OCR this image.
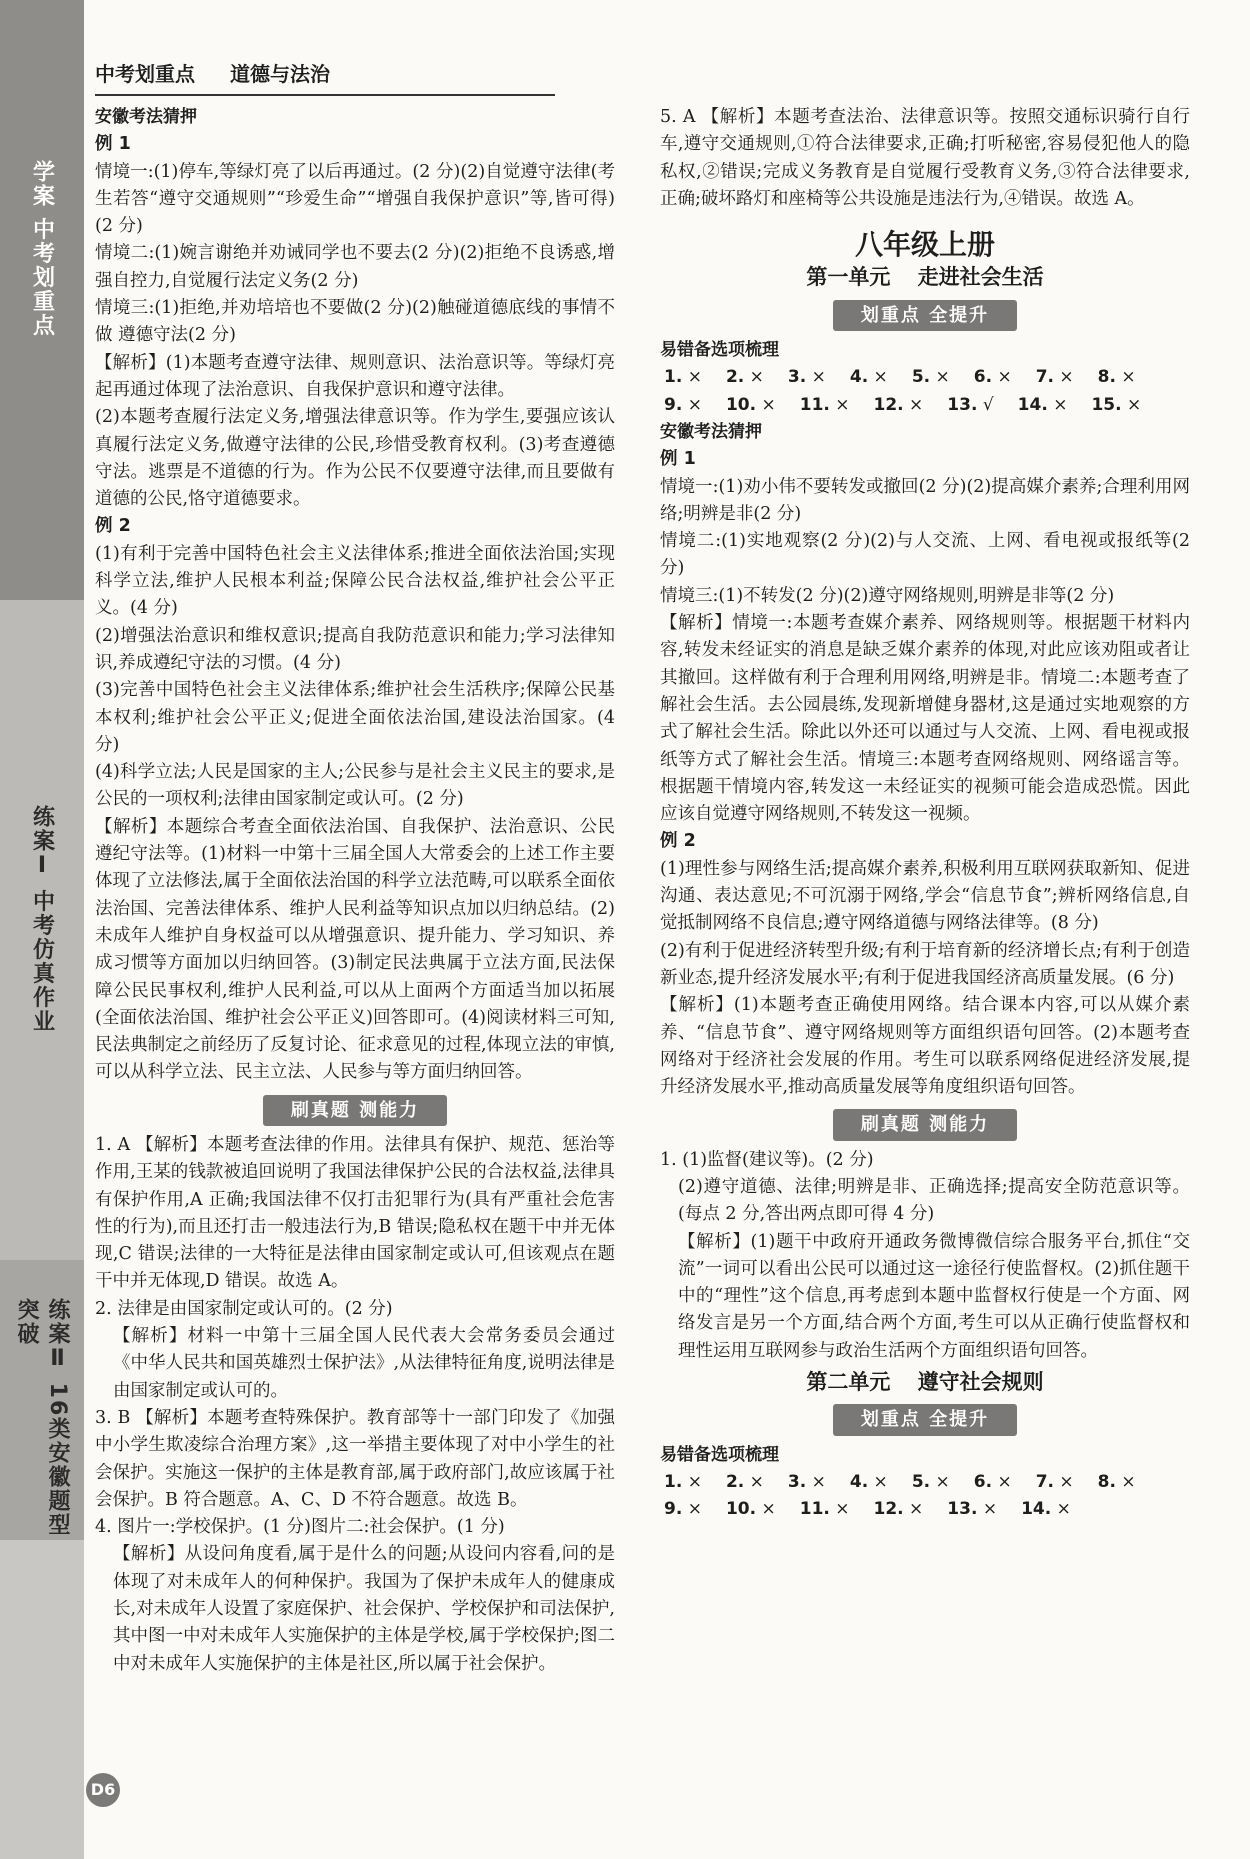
学案 中考划重点
练案Ⅰ 中考仿真作业
练案Ⅱ 16类安徽题型突破
中考划重点 道德与法治

安徽考法猜押

例 1

情境一:(1)停车,等绿灯亮了以后再通过。(2 分)(2)自觉遵守法律(考生若答“遵守交通规则”“珍爱生命”“增强自我保护意识”等,皆可得)(2 分)

情境二:(1)婉言谢绝并劝诫同学也不要去(2 分)(2)拒绝不良诱惑,增强自控力,自觉履行法定义务(2 分)

情境三:(1)拒绝,并劝培培也不要做(2 分)(2)触碰道德底线的事情不做 遵德守法(2 分)

【解析】(1)本题考查遵守法律、规则意识、法治意识等。等绿灯亮起再通过体现了法治意识、自我保护意识和遵守法律。

(2)本题考查履行法定义务,增强法律意识等。作为学生,要强应该认真履行法定义务,做遵守法律的公民,珍惜受教育权利。(3)考查遵德守法。逃票是不道德的行为。作为公民不仅要遵守法律,而且要做有道德的公民,恪守道德要求。

例 2

(1)有利于完善中国特色社会主义法律体系;推进全面依法治国;实现科学立法,维护人民根本利益;保障公民合法权益,维护社会公平正义。(4 分)

(2)增强法治意识和维权意识;提高自我防范意识和能力;学习法律知识,养成遵纪守法的习惯。(4 分)

(3)完善中国特色社会主义法律体系;维护社会生活秩序;保障公民基本权利;维护社会公平正义;促进全面依法治国,建设法治国家。(4 分)

(4)科学立法;人民是国家的主人;公民参与是社会主义民主的要求,是公民的一项权利;法律由国家制定或认可。(2 分)

【解析】本题综合考查全面依法治国、自我保护、法治意识、公民遵纪守法等。(1)材料一中第十三届全国人大常委会的上述工作主要体现了立法修法,属于全面依法治国的科学立法范畴,可以联系全面依法治国、完善法律体系、维护人民利益等知识点加以归纳总结。(2)未成年人维护自身权益可以从增强意识、提升能力、学习知识、养成习惯等方面加以归纳回答。(3)制定民法典属于立法方面,民法保障公民民事权利,维护人民利益,可以从上面两个方面适当加以拓展(全面依法治国、维护社会公平正义)回答即可。(4)阅读材料三可知,民法典制定之前经历了反复讨论、征求意见的过程,体现立法的审慎,可以从科学立法、民主立法、人民参与等方面归纳回答。

刷真题 测能力

1. A 【解析】本题考查法律的作用。法律具有保护、规范、惩治等作用,王某的钱款被追回说明了我国法律保护公民的合法权益,法律具有保护作用,A 正确;我国法律不仅打击犯罪行为(具有严重社会危害性的行为),而且还打击一般违法行为,B 错误;隐私权在题干中并无体现,C 错误;法律的一大特征是法律由国家制定或认可,但该观点在题干中并无体现,D 错误。故选 A。

2. 法律是由国家制定或认可的。(2 分)

【解析】材料一中第十三届全国人民代表大会常务委员会通过《中华人民共和国英雄烈士保护法》,从法律特征角度,说明法律是由国家制定或认可的。

3. B 【解析】本题考查特殊保护。教育部等十一部门印发了《加强中小学生欺凌综合治理方案》,这一举措主要体现了对中小学生的社会保护。实施这一保护的主体是教育部,属于政府部门,故应该属于社会保护。B 符合题意。A、C、D 不符合题意。故选 B。

4. 图片一:学校保护。(1 分)图片二:社会保护。(1 分)

【解析】从设问角度看,属于是什么的问题;从设问内容看,问的是体现了对未成年人的何种保护。我国为了保护未成年人的健康成长,对未成年人设置了家庭保护、社会保护、学校保护和司法保护,其中图一中对未成年人实施保护的主体是学校,属于学校保护;图二中对未成年人实施保护的主体是社区,所以属于社会保护。

5. A 【解析】本题考查法治、法律意识等。按照交通标识骑行自行车,遵守交通规则,①符合法律要求,正确;打听秘密,容易侵犯他人的隐私权,②错误;完成义务教育是自觉履行受教育义务,③符合法律要求,正确;破坏路灯和座椅等公共设施是违法行为,④错误。故选 A。

八年级上册
第一单元 走进社会生活
划重点 全提升

易错备选项梳理

1. × 2. × 3. × 4. × 5. × 6. × 7. × 8. ×9. × 10. × 11. × 12. × 13. √ 14. × 15. ×

安徽考法猜押

例 1

情境一:(1)劝小伟不要转发或撤回(2 分)(2)提高媒介素养;合理利用网络;明辨是非(2 分)

情境二:(1)实地观察(2 分)(2)与人交流、上网、看电视或报纸等(2 分)

情境三:(1)不转发(2 分)(2)遵守网络规则,明辨是非等(2 分)

【解析】情境一:本题考查媒介素养、网络规则等。根据题干材料内容,转发未经证实的消息是缺乏媒介素养的体现,对此应该劝阻或者让其撤回。这样做有利于合理利用网络,明辨是非。情境二:本题考查了解社会生活。去公园晨练,发现新增健身器材,这是通过实地观察的方式了解社会生活。除此以外还可以通过与人交流、上网、看电视或报纸等方式了解社会生活。情境三:本题考查网络规则、网络谣言等。根据题干情境内容,转发这一未经证实的视频可能会造成恐慌。因此应该自觉遵守网络规则,不转发这一视频。

例 2

(1)理性参与网络生活;提高媒介素养,积极利用互联网获取新知、促进沟通、表达意见;不可沉溺于网络,学会“信息节食”;辨析网络信息,自觉抵制网络不良信息;遵守网络道德与网络法律等。(8 分)

(2)有利于促进经济转型升级;有利于培育新的经济增长点;有利于创造新业态,提升经济发展水平;有利于促进我国经济高质量发展。(6 分)

【解析】(1)本题考查正确使用网络。结合课本内容,可以从媒介素养、“信息节食”、遵守网络规则等方面组织语句回答。(2)本题考查网络对于经济社会发展的作用。考生可以联系网络促进经济发展,提升经济发展水平,推动高质量发展等角度组织语句回答。

刷真题 测能力

1. (1)监督(建议等)。(2 分)

(2)遵守道德、法律;明辨是非、正确选择;提高安全防范意识等。(每点 2 分,答出两点即可得 4 分)

【解析】(1)题干中政府开通政务微博微信综合服务平台,抓住“交流”一词可以看出公民可以通过这一途径行使监督权。(2)抓住题干中的“理性”这个信息,再考虑到本题中监督权行使是一个方面、网络发言是另一个方面,结合两个方面,考生可以从正确行使监督权和理性运用互联网参与政治生活两个方面组织语句回答。

第二单元 遵守社会规则
划重点 全提升

易错备选项梳理

1. × 2. × 3. × 4. × 5. × 6. × 7. × 8. ×9. × 10. × 11. × 12. × 13. × 14. ×
D6
